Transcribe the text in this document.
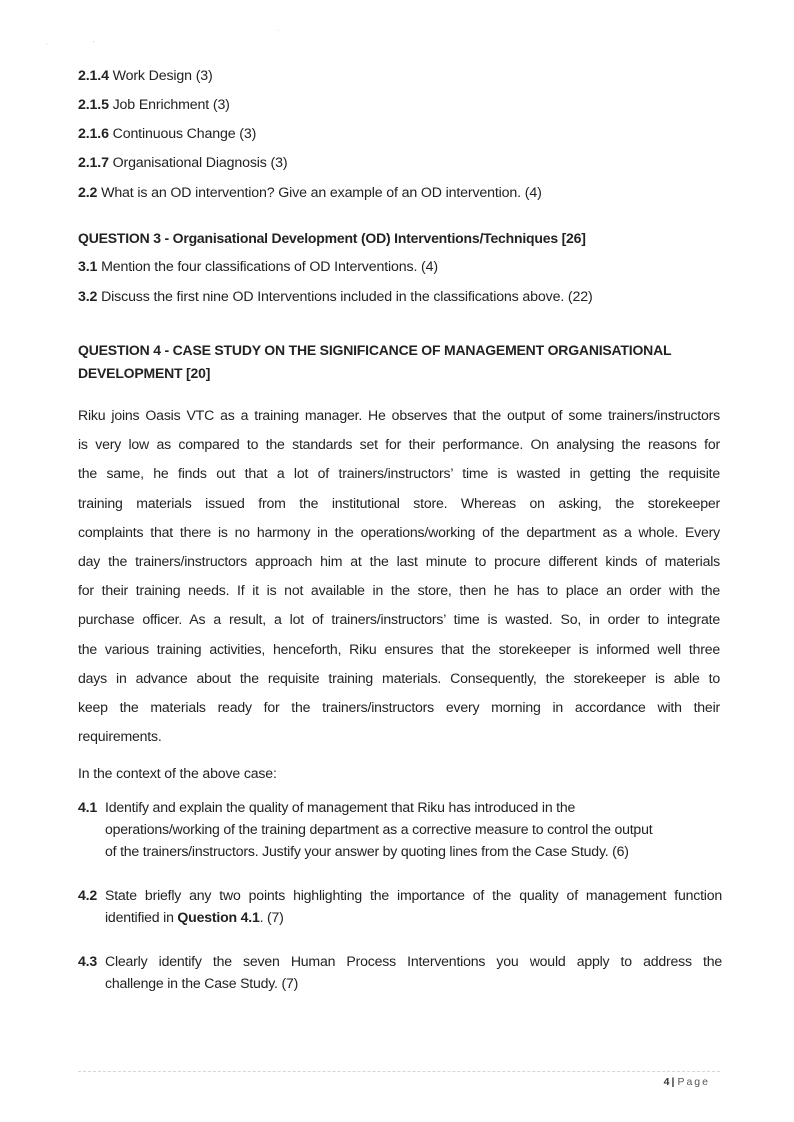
·	'
·
2.1.4 Work Design (3)
2.1.5 Job Enrichment (3)
2.1.6 Continuous Change (3)
2.1.7 Organisational Diagnosis (3)
2.2 What is an OD intervention? Give an example of an OD intervention. (4)
QUESTION 3 - Organisational Development (OD) Interventions/Techniques [26]
3.1 Mention the four classifications of OD Interventions. (4)
3.2 Discuss the first nine OD Interventions included in the classifications above. (22)
QUESTION 4 - CASE STUDY ON THE SIGNIFICANCE OF MANAGEMENT ORGANISATIONAL
DEVELOPMENT [20]
Riku joins Oasis VTC as a training manager. He observes that the output of some trainers/instructors
is very low as compared to the standards set for their performance. On analysing the reasons for
the same, he finds out that a lot of trainers/instructors’ time is wasted in getting the requisite
training materials issued from the institutional store. Whereas on asking, the storekeeper
complaints that there is no harmony in the operations/working of the department as a whole. Every
day the trainers/instructors approach him at the last minute to procure different kinds of materials
for their training needs. If it is not available in the store, then he has to place an order with the
purchase officer. As a result, a lot of trainers/instructors’ time is wasted. So, in order to integrate
the various training activities, henceforth, Riku ensures that the storekeeper is informed well three
days in advance about the requisite training materials. Consequently, the storekeeper is able to
keep the materials ready for the trainers/instructors every morning in accordance with their
requirements.
In the context of the above case:
4.1 Identify and explain the quality of management that Riku has introduced in the
operations/working of the training department as a corrective measure to control the output
of the trainers/instructors. Justify your answer by quoting lines from the Case Study. (6)
4.2 State briefly any two points highlighting the importance of the quality of management function
identified in Question 4.1. (7)
4.3 Clearly identify the seven Human Process Interventions you would apply to address the
challenge in the Case Study. (7)
4 | Page
